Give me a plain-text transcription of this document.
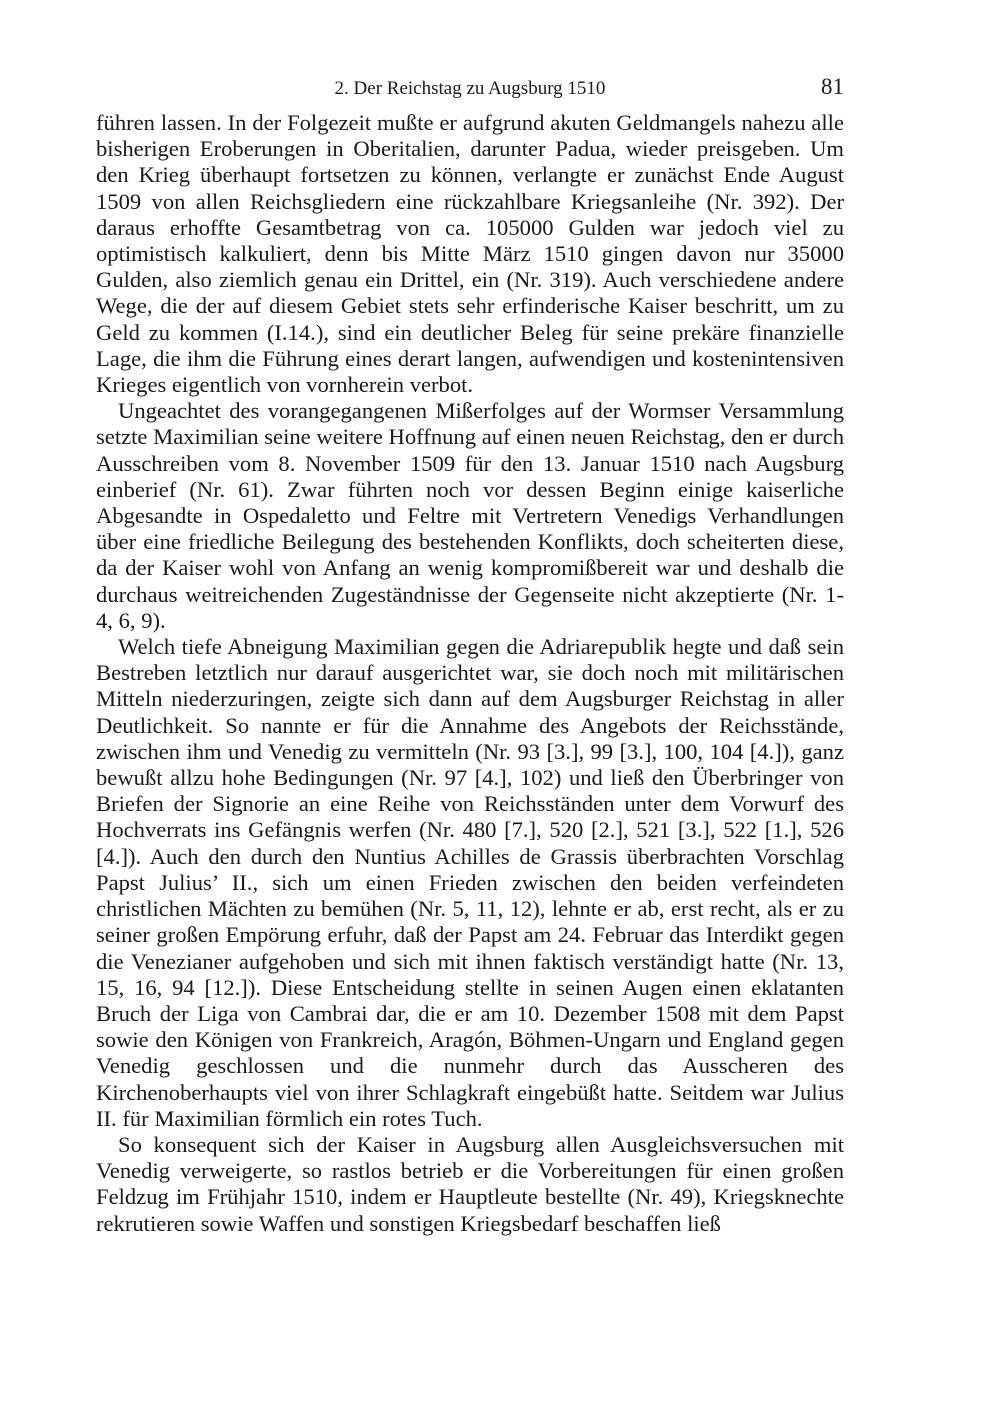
2. Der Reichstag zu Augsburg 1510	81

führen lassen. In der Folgezeit mußte er aufgrund akuten Geldmangels nahezu alle bisherigen Eroberungen in Oberitalien, darunter Padua, wieder preisgeben. Um den Krieg überhaupt fortsetzen zu können, verlangte er zunächst Ende August 1509 von allen Reichsgliedern eine rückzahlbare Kriegsanleihe (Nr. 392). Der daraus erhoffte Gesamtbetrag von ca. 105000 Gulden war jedoch viel zu optimistisch kalkuliert, denn bis Mitte März 1510 gingen davon nur 35000 Gulden, also ziemlich genau ein Drittel, ein (Nr. 319). Auch verschiedene andere Wege, die der auf diesem Gebiet stets sehr erfinderische Kaiser beschritt, um zu Geld zu kommen (I.14.), sind ein deutlicher Beleg für seine prekäre finanzielle Lage, die ihm die Führung eines derart langen, aufwendigen und kostenintensiven Krieges eigentlich von vornherein verbot.

Ungeachtet des vorangegangenen Mißerfolges auf der Wormser Versammlung setzte Maximilian seine weitere Hoffnung auf einen neuen Reichstag, den er durch Ausschreiben vom 8. November 1509 für den 13. Januar 1510 nach Augsburg einberief (Nr. 61). Zwar führten noch vor dessen Beginn einige kaiserliche Abgesandte in Ospedaletto und Feltre mit Vertretern Venedigs Verhandlungen über eine friedliche Beilegung des bestehenden Konflikts, doch scheiterten diese, da der Kaiser wohl von Anfang an wenig kompromißbereit war und deshalb die durchaus weitreichenden Zugeständnisse der Gegenseite nicht akzeptierte (Nr. 1-4, 6, 9).

Welch tiefe Abneigung Maximilian gegen die Adriarepublik hegte und daß sein Bestreben letztlich nur darauf ausgerichtet war, sie doch noch mit militärischen Mitteln niederzuringen, zeigte sich dann auf dem Augsburger Reichstag in aller Deutlichkeit. So nannte er für die Annahme des Angebots der Reichsstände, zwischen ihm und Venedig zu vermitteln (Nr. 93 [3.], 99 [3.], 100, 104 [4.]), ganz bewußt allzu hohe Bedingungen (Nr. 97 [4.], 102) und ließ den Überbringer von Briefen der Signorie an eine Reihe von Reichsständen unter dem Vorwurf des Hochverrats ins Gefängnis werfen (Nr. 480 [7.], 520 [2.], 521 [3.], 522 [1.], 526 [4.]). Auch den durch den Nuntius Achilles de Grassis überbrachten Vorschlag Papst Julius’ II., sich um einen Frieden zwischen den beiden verfeindeten christlichen Mächten zu bemühen (Nr. 5, 11, 12), lehnte er ab, erst recht, als er zu seiner großen Empörung erfuhr, daß der Papst am 24. Februar das Interdikt gegen die Venezianer aufgehoben und sich mit ihnen faktisch verständigt hatte (Nr. 13, 15, 16, 94 [12.]). Diese Entscheidung stellte in seinen Augen einen eklatanten Bruch der Liga von Cambrai dar, die er am 10. Dezember 1508 mit dem Papst sowie den Königen von Frankreich, Aragón, Böhmen-Ungarn und England gegen Venedig geschlossen und die nunmehr durch das Ausscheren des Kirchenoberhaupts viel von ihrer Schlagkraft eingebüßt hatte. Seitdem war Julius II. für Maximilian förmlich ein rotes Tuch.

So konsequent sich der Kaiser in Augsburg allen Ausgleichsversuchen mit Venedig verweigerte, so rastlos betrieb er die Vorbereitungen für einen großen Feldzug im Frühjahr 1510, indem er Hauptleute bestellte (Nr. 49), Kriegsknechte rekrutieren sowie Waffen und sonstigen Kriegsbedarf beschaffen ließ
